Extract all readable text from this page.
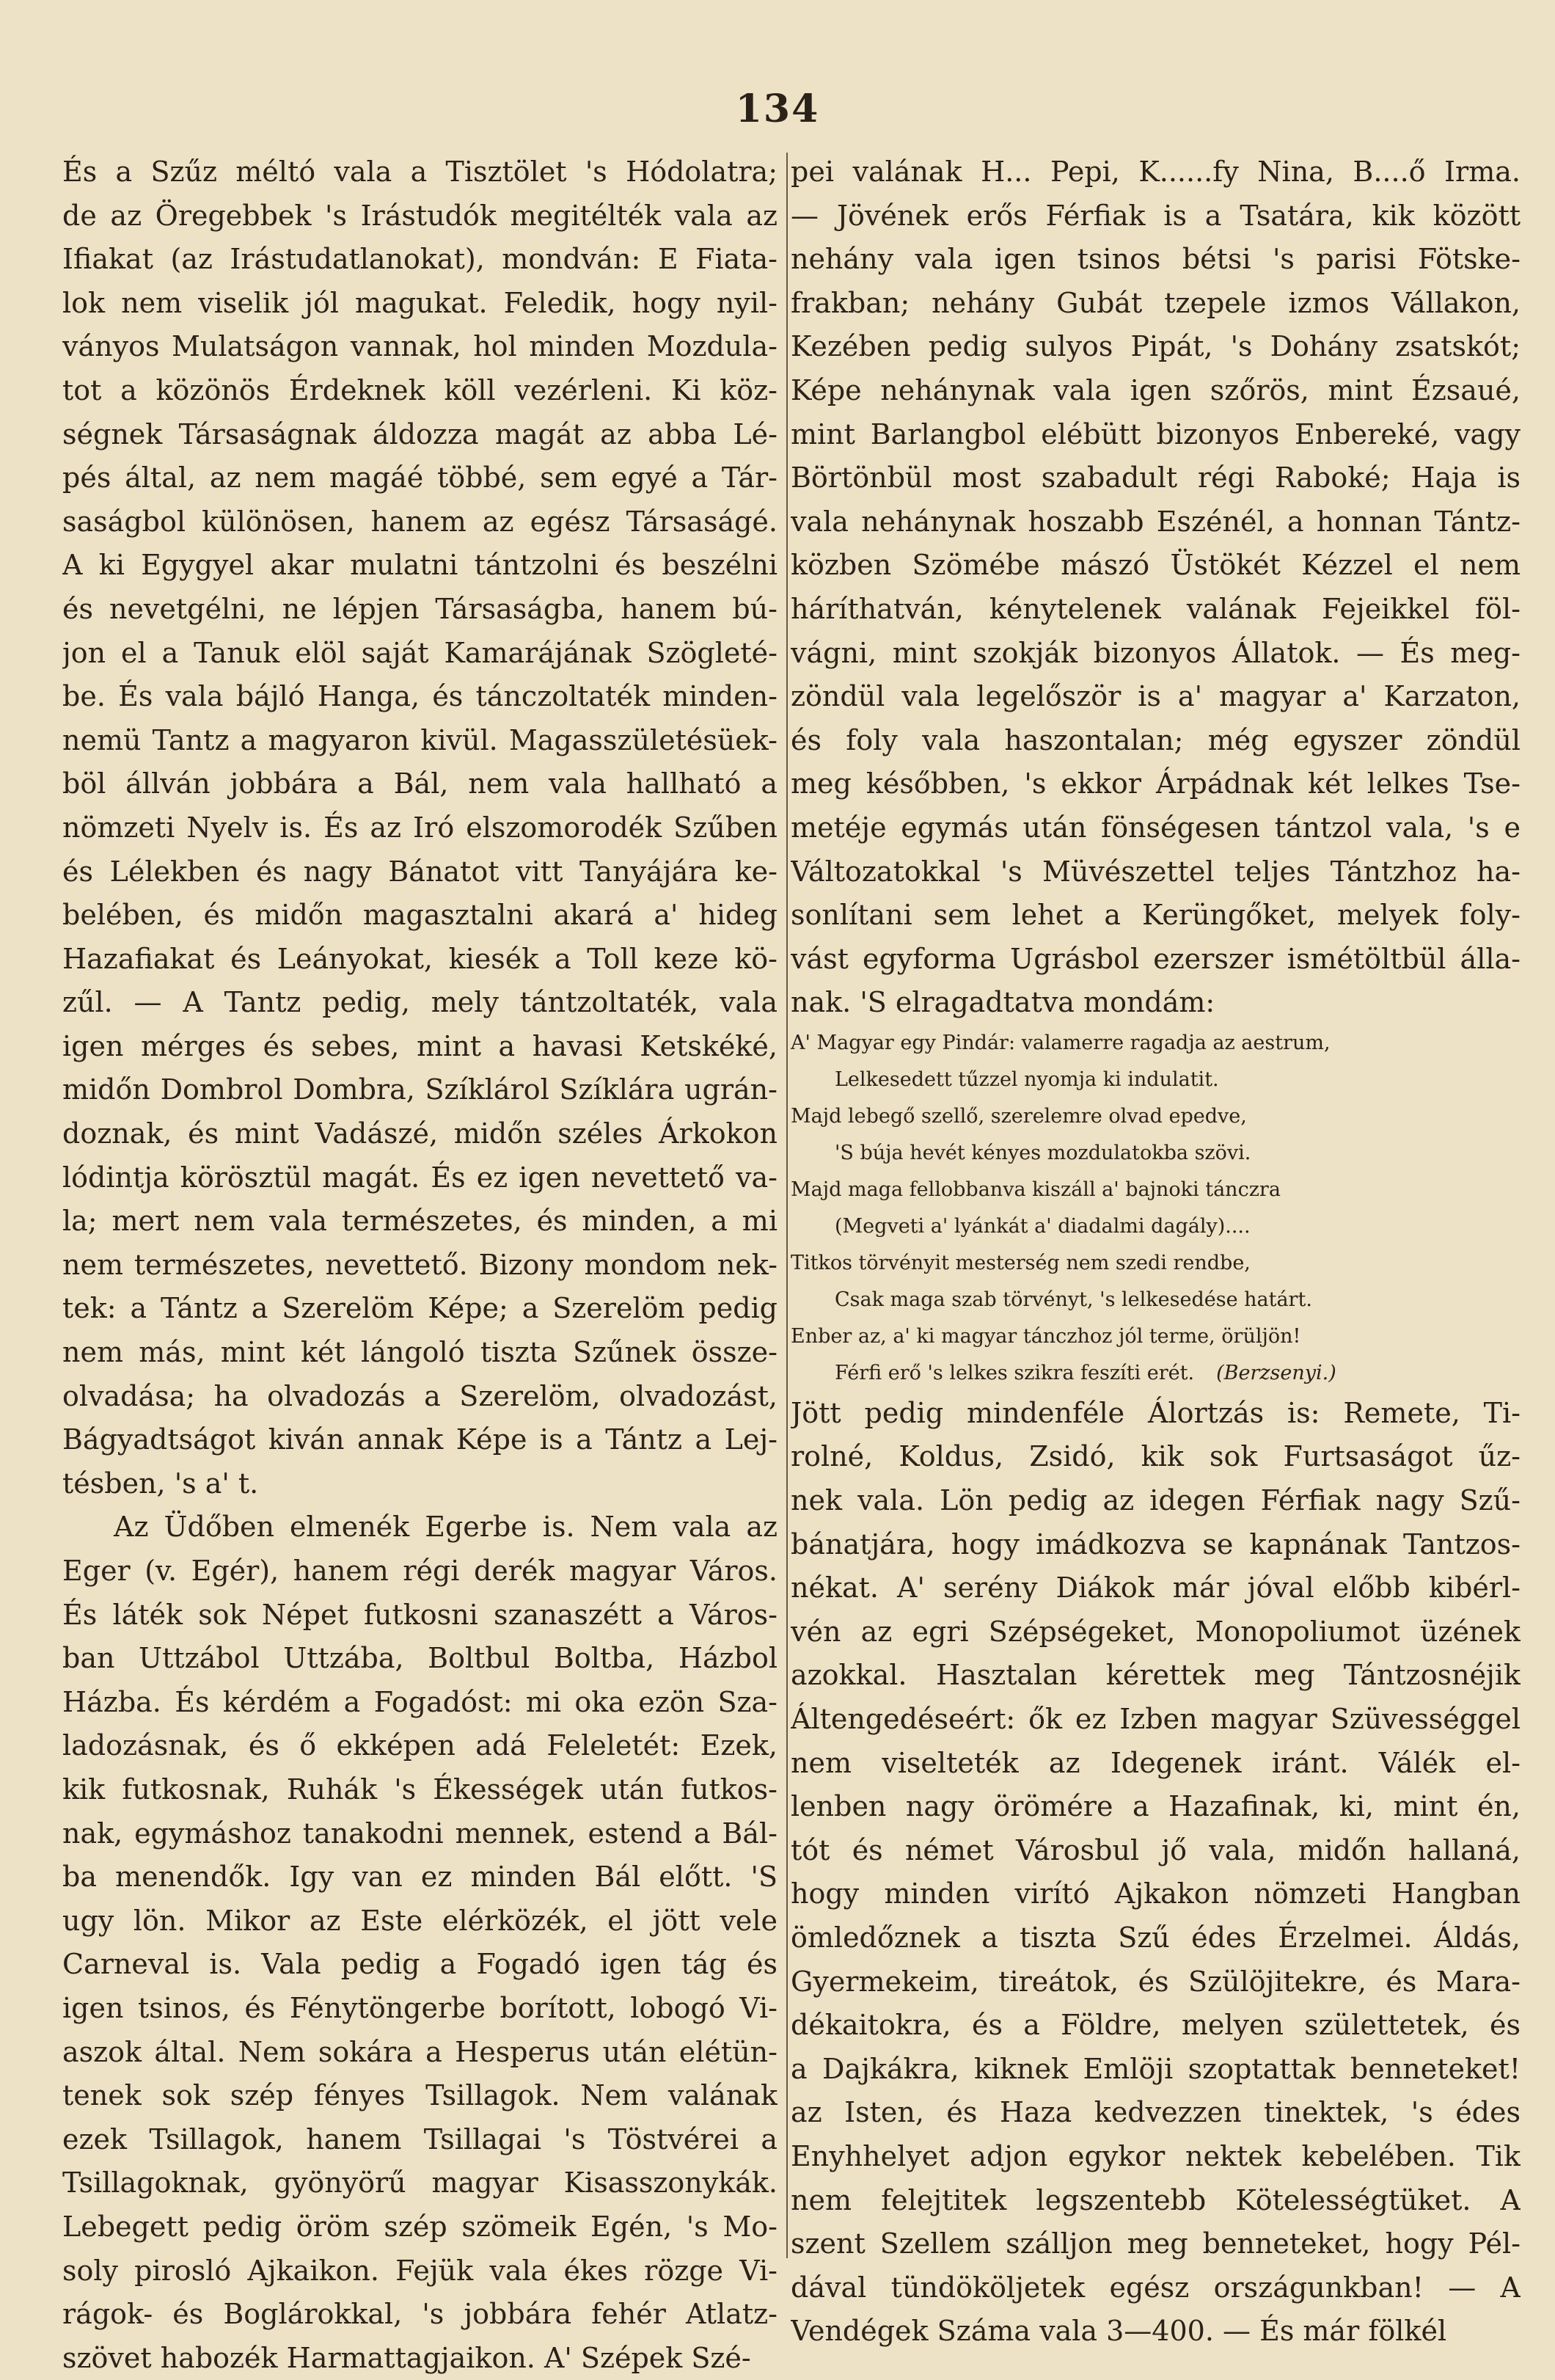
134
És a Szűz méltó vala a Tisztölet 's Hódolatra;
de az Öregebbek 's Irástudók megitélték vala az
Ifiakat (az Irástudatlanokat), mondván: E Fiata-
lok nem viselik jól magukat. Feledik, hogy nyil-
ványos Mulatságon vannak, hol minden Mozdula-
tot a közönös Érdeknek köll vezérleni. Ki köz-
ségnek Társaságnak áldozza magát az abba Lé-
pés által, az nem magáé többé, sem egyé a Tár-
saságbol különösen, hanem az egész Társaságé.
A ki Egygyel akar mulatni tántzolni és beszélni
és nevetgélni, ne lépjen Társaságba, hanem bú-
jon el a Tanuk elöl saját Kamarájának Szögleté-
be. És vala bájló Hanga, és tánczoltaték minden-
nemü Tantz a magyaron kivül. Magasszületésüek-
böl állván jobbára a Bál, nem vala hallható a
nömzeti Nyelv is. És az Iró elszomorodék Szűben
és Lélekben és nagy Bánatot vitt Tanyájára ke-
belében, és midőn magasztalni akará a' hideg
Hazafiakat és Leányokat, kiesék a Toll keze kö-
zűl. — A Tantz pedig, mely tántzoltaték, vala
igen mérges és sebes, mint a havasi Ketskéké,
midőn Dombrol Dombra, Szíklárol Szíklára ugrán-
doznak, és mint Vadászé, midőn széles Árkokon
lódintja körösztül magát. És ez igen nevettető va-
la; mert nem vala természetes, és minden, a mi
nem természetes, nevettető. Bizony mondom nek-
tek: a Tántz a Szerelöm Képe; a Szerelöm pedig
nem más, mint két lángoló tiszta Szűnek össze-
olvadása; ha olvadozás a Szerelöm, olvadozást,
Bágyadtságot kiván annak Képe is a Tántz a Lej-
tésben, 's a' t.
Az Üdőben elmenék Egerbe is. Nem vala az
Eger (v. Egér), hanem régi derék magyar Város.
És láték sok Népet futkosni szanaszétt a Város-
ban Uttzábol Uttzába, Boltbul Boltba, Házbol
Házba. És kérdém a Fogadóst: mi oka ezön Sza-
ladozásnak, és ő ekképen adá Feleletét: Ezek,
kik futkosnak, Ruhák 's Ékességek után futkos-
nak, egymáshoz tanakodni mennek, estend a Bál-
ba menendők. Igy van ez minden Bál előtt. 'S
ugy lön. Mikor az Este elérközék, el jött vele
Carneval is. Vala pedig a Fogadó igen tág és
igen tsinos, és Fénytöngerbe borított, lobogó Vi-
aszok által. Nem sokára a Hesperus után elétün-
tenek sok szép fényes Tsillagok. Nem valának
ezek Tsillagok, hanem Tsillagai 's Töstvérei a
Tsillagoknak, gyönyörű magyar Kisasszonykák.
Lebegett pedig öröm szép szömeik Egén, 's Mo-
soly pirosló Ajkaikon. Fejük vala ékes rözge Vi-
rágok- és Boglárokkal, 's jobbára fehér Atlatz-
szövet habozék Harmattagjaikon. A' Szépek Szé-
pei valának H... Pepi, K......fy Nina, B....ő Irma.
— Jövének erős Férfiak is a Tsatára, kik között
nehány vala igen tsinos bétsi 's parisi Fötske-
frakban; nehány Gubát tzepele izmos Vállakon,
Kezében pedig sulyos Pipát, 's Dohány zsatskót;
Képe nehánynak vala igen szőrös, mint Ézsaué,
mint Barlangbol elébütt bizonyos Enbereké, vagy
Börtönbül most szabadult régi Raboké; Haja is
vala nehánynak hoszabb Eszénél, a honnan Tántz-
közben Szömébe mászó Üstökét Kézzel el nem
háríthatván, kénytelenek valának Fejeikkel föl-
vágni, mint szokják bizonyos Állatok. — És meg-
zöndül vala legelőször is a' magyar a' Karzaton,
és foly vala haszontalan; még egyszer zöndül
meg későbben, 's ekkor Árpádnak két lelkes Tse-
metéje egymás után fönségesen tántzol vala, 's e
Változatokkal 's Müvészettel teljes Tántzhoz ha-
sonlítani sem lehet a Kerüngőket, melyek foly-
vást egyforma Ugrásbol ezerszer ismétöltbül álla-
nak. 'S elragadtatva mondám:
A' Magyar egy Pindár: valamerre ragadja az aestrum,
Lelkesedett tűzzel nyomja ki indulatit.
Majd lebegő szellő, szerelemre olvad epedve,
'S búja hevét kényes mozdulatokba szövi.
Majd maga fellobbanva kiszáll a' bajnoki tánczra
(Megveti a' lyánkát a' diadalmi dagály)....
Titkos törvényit mesterség nem szedi rendbe,
Csak maga szab törvényt, 's lelkesedése határt.
Enber az, a' ki magyar tánczhoz jól terme, örüljön!
Férfi erő 's lelkes szikra feszíti erét. (Berzsenyi.)
Jött pedig mindenféle Álortzás is: Remete, Ti-
rolné, Koldus, Zsidó, kik sok Furtsaságot űz-
nek vala. Lön pedig az idegen Férfiak nagy Szű-
bánatjára, hogy imádkozva se kapnának Tantzos-
nékat. A' serény Diákok már jóval előbb kibérl-
vén az egri Szépségeket, Monopoliumot üzének
azokkal. Hasztalan kérettek meg Tántzosnéjik
Áltengedéseért: ők ez Izben magyar Szüvességgel
nem viselteték az Idegenek iránt. Válék el-
lenben nagy örömére a Hazafinak, ki, mint én,
tót és német Városbul jő vala, midőn hallaná,
hogy minden virító Ajkakon nömzeti Hangban
ömledőznek a tiszta Szű édes Érzelmei. Áldás,
Gyermekeim, tireátok, és Szülöjitekre, és Mara-
dékaitokra, és a Földre, melyen születtetek, és
a Dajkákra, kiknek Emlöji szoptattak benneteket!
az Isten, és Haza kedvezzen tinektek, 's édes
Enyhhelyet adjon egykor nektek kebelében. Tik
nem felejtitek legszentebb Kötelességtüket. A
szent Szellem szálljon meg benneteket, hogy Pél-
dával tündököljetek egész országunkban! — A
Vendégek Száma vala 3—400. — És már fölkél
